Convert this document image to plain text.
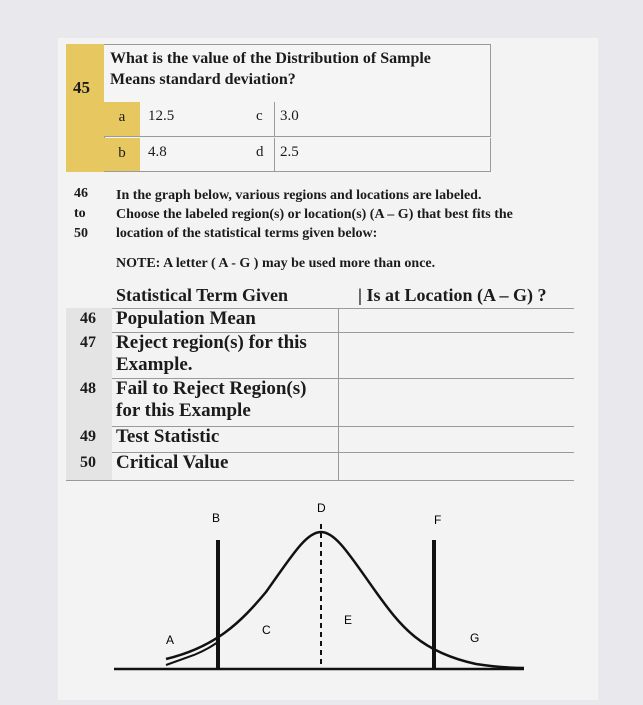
45
What is the value of the Distribution of Sample
Means standard deviation?
a	12.5	c 3.0
b	4.8	d 2.5
46
to
50
In the graph below, various regions and locations are labeled.
Choose the labeled region(s) or location(s) (A – G) that best fits the
location of the statistical terms given below:
NOTE: A letter ( A - G ) may be used more than once.
Statistical Term Given	| Is at Location (A – G) ?
46	Population Mean
47	Reject region(s) for this Example.
48	Fail to Reject Region(s) for this Example
49	Test Statistic
50	Critical Value
A
B
C
D
E
F
G
